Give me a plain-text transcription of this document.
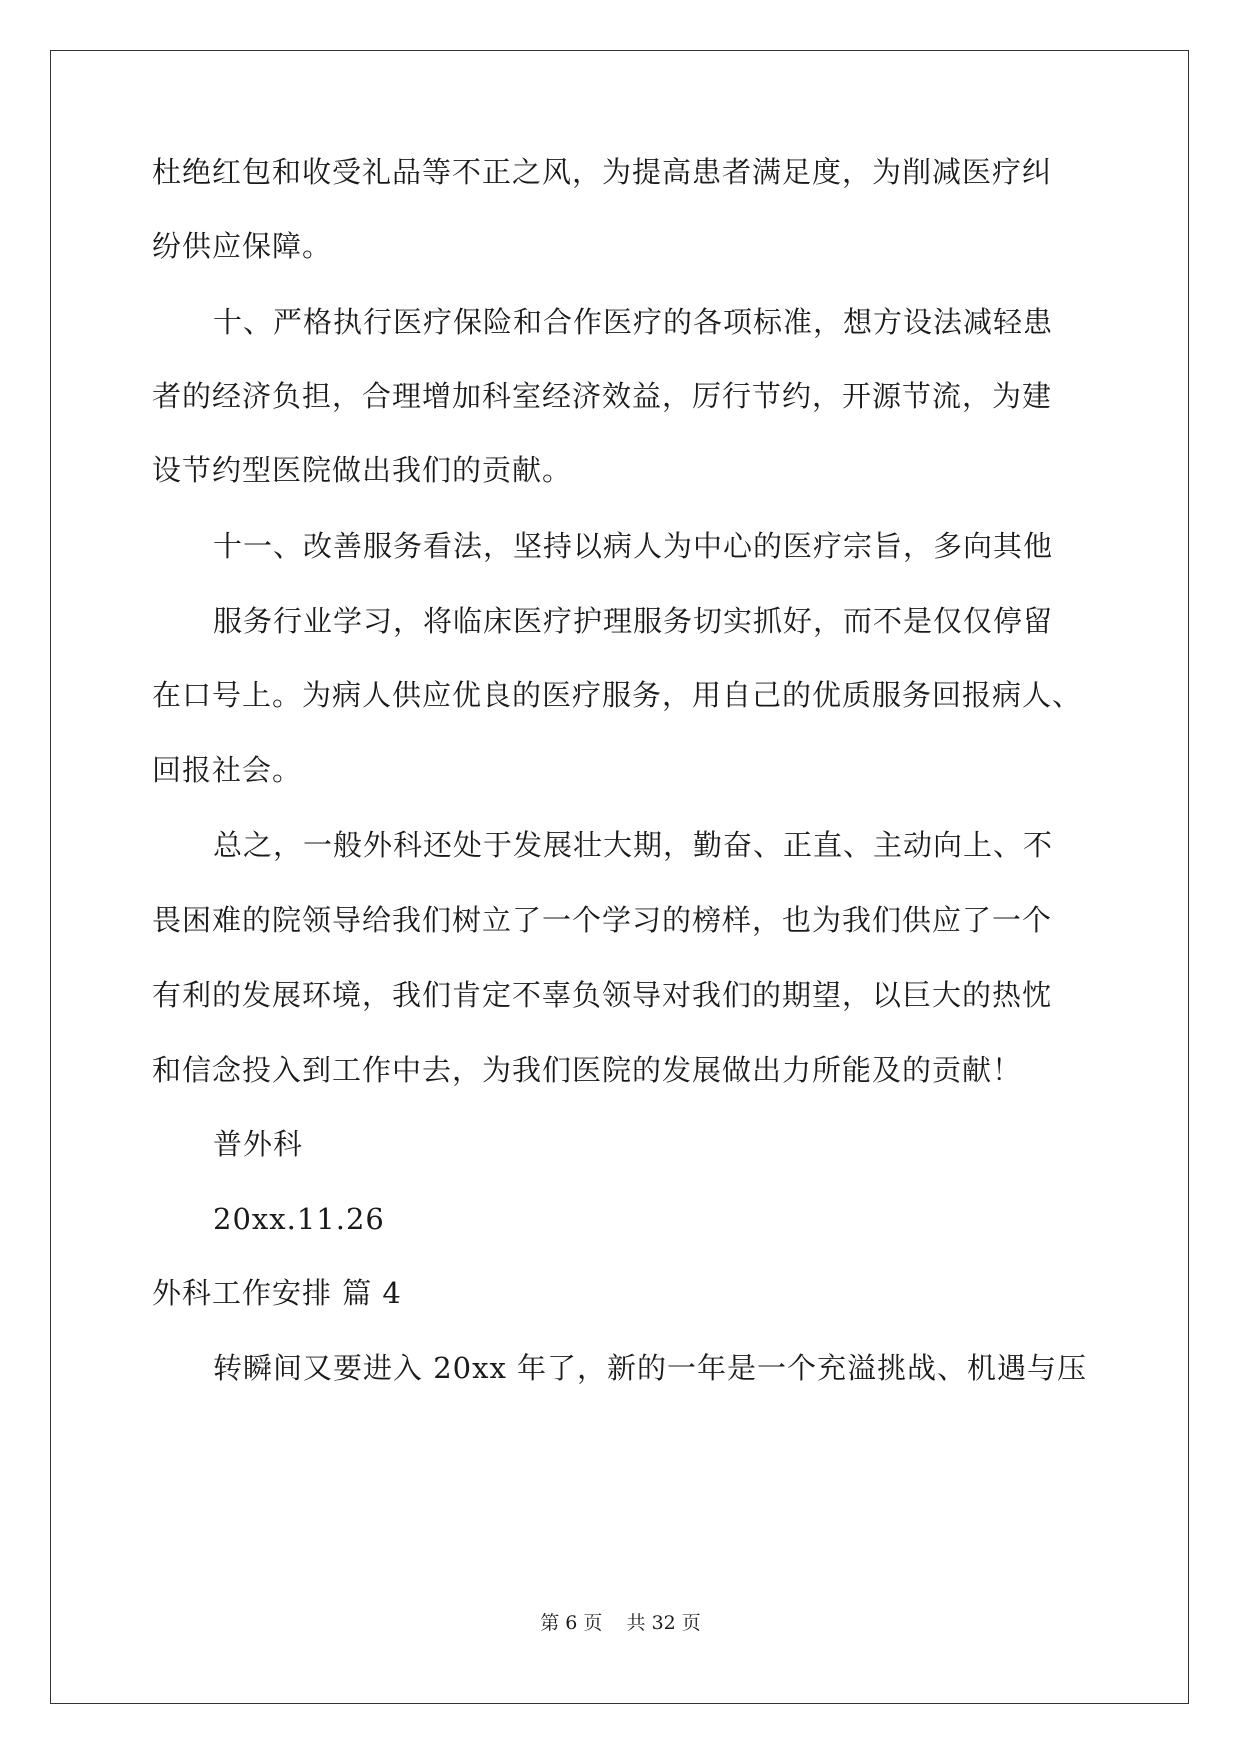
杜绝红包和收受礼品等不正之风，为提高患者满足度，为削减医疗纠
纷供应保障。
十、严格执行医疗保险和合作医疗的各项标准，想方设法减轻患
者的经济负担，合理增加科室经济效益，厉行节约，开源节流，为建
设节约型医院做出我们的贡献。
十一、改善服务看法，坚持以病人为中心的医疗宗旨，多向其他
服务行业学习，将临床医疗护理服务切实抓好，而不是仅仅停留
在口号上。为病人供应优良的医疗服务，用自己的优质服务回报病人、
回报社会。
总之，一般外科还处于发展壮大期，勤奋、正直、主动向上、不
畏困难的院领导给我们树立了一个学习的榜样，也为我们供应了一个
有利的发展环境，我们肯定不辜负领导对我们的期望，以巨大的热忱
和信念投入到工作中去，为我们医院的发展做出力所能及的贡献！
普外科
20xx.11.26
外科工作安排 篇 4
转瞬间又要进入 20xx 年了，新的一年是一个充溢挑战、机遇与压
第 6 页    共 32 页
